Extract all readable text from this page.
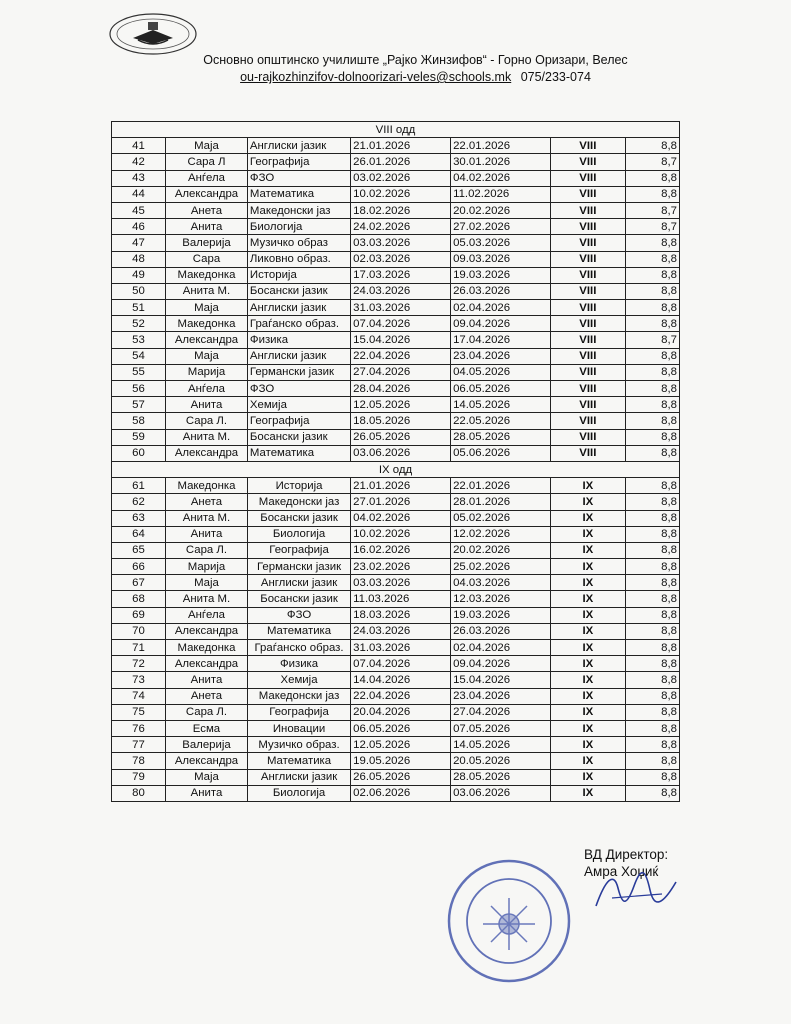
Основно општинско училиште „Рајко Жинзифов“ - Горно Оризари, Велес
ou-rajkozhinzifov-dolnoorizari-veles@schools.mk 075/233-074
VIII одд						
41	Маја	Англиски јазик	21.01.2026	22.01.2026	VIII	8,8
42	Сара Л	Географија	26.01.2026	30.01.2026	VIII	8,7
43	Анѓела	ФЗО	03.02.2026	04.02.2026	VIII	8,8
44	Александра	Математика	10.02.2026	11.02.2026	VIII	8,8
45	Анета	Македонски јаз	18.02.2026	20.02.2026	VIII	8,7
46	Анита	Биологија	24.02.2026	27.02.2026	VIII	8,7
47	Валерија	Музичко образ	03.03.2026	05.03.2026	VIII	8,8
48	Сара	Ликовно образ.	02.03.2026	09.03.2026	VIII	8,8
49	Македонка	Историја	17.03.2026	19.03.2026	VIII	8,8
50	Анита М.	Босански јазик	24.03.2026	26.03.2026	VIII	8,8
51	Маја	Англиски јазик	31.03.2026	02.04.2026	VIII	8,8
52	Македонка	Граѓанско образ.	07.04.2026	09.04.2026	VIII	8,8
53	Александра	Физика	15.04.2026	17.04.2026	VIII	8,7
54	Маја	Англиски јазик	22.04.2026	23.04.2026	VIII	8,8
55	Марија	Германски јазик	27.04.2026	04.05.2026	VIII	8,8
56	Анѓела	ФЗО	28.04.2026	06.05.2026	VIII	8,8
57	Анита	Хемија	12.05.2026	14.05.2026	VIII	8,8
58	Сара Л.	Географија	18.05.2026	22.05.2026	VIII	8,8
59	Анита М.	Босански јазик	26.05.2026	28.05.2026	VIII	8,8
60	Александра	Математика	03.06.2026	05.06.2026	VIII	8,8
IX одд						
61	Македонка	Историја	21.01.2026	22.01.2026	IX	8,8
62	Анета	Македонски јаз	27.01.2026	28.01.2026	IX	8,8
63	Анита М.	Босански јазик	04.02.2026	05.02.2026	IX	8,8
64	Анита	Биологија	10.02.2026	12.02.2026	IX	8,8
65	Сара Л.	Географија	16.02.2026	20.02.2026	IX	8,8
66	Марија	Германски јазик	23.02.2026	25.02.2026	IX	8,8
67	Маја	Англиски јазик	03.03.2026	04.03.2026	IX	8,8
68	Анита М.	Босански јазик	11.03.2026	12.03.2026	IX	8,8
69	Анѓела	ФЗО	18.03.2026	19.03.2026	IX	8,8
70	Александра	Математика	24.03.2026	26.03.2026	IX	8,8
71	Македонка	Граѓанско образ.	31.03.2026	02.04.2026	IX	8,8
72	Александра	Физика	07.04.2026	09.04.2026	IX	8,8
73	Анита	Хемија	14.04.2026	15.04.2026	IX	8,8
74	Анета	Македонски јаз	22.04.2026	23.04.2026	IX	8,8
75	Сара Л.	Географија	20.04.2026	27.04.2026	IX	8,8
76	Есма	Иновации	06.05.2026	07.05.2026	IX	8,8
77	Валерија	Музичко образ.	12.05.2026	14.05.2026	IX	8,8
78	Александра	Математика	19.05.2026	20.05.2026	IX	8,8
79	Маја	Англиски јазик	26.05.2026	28.05.2026	IX	8,8
80	Анита	Биологија	02.06.2026	03.06.2026	IX	8,8
ВД Директор:
Амра Хоџиќ
